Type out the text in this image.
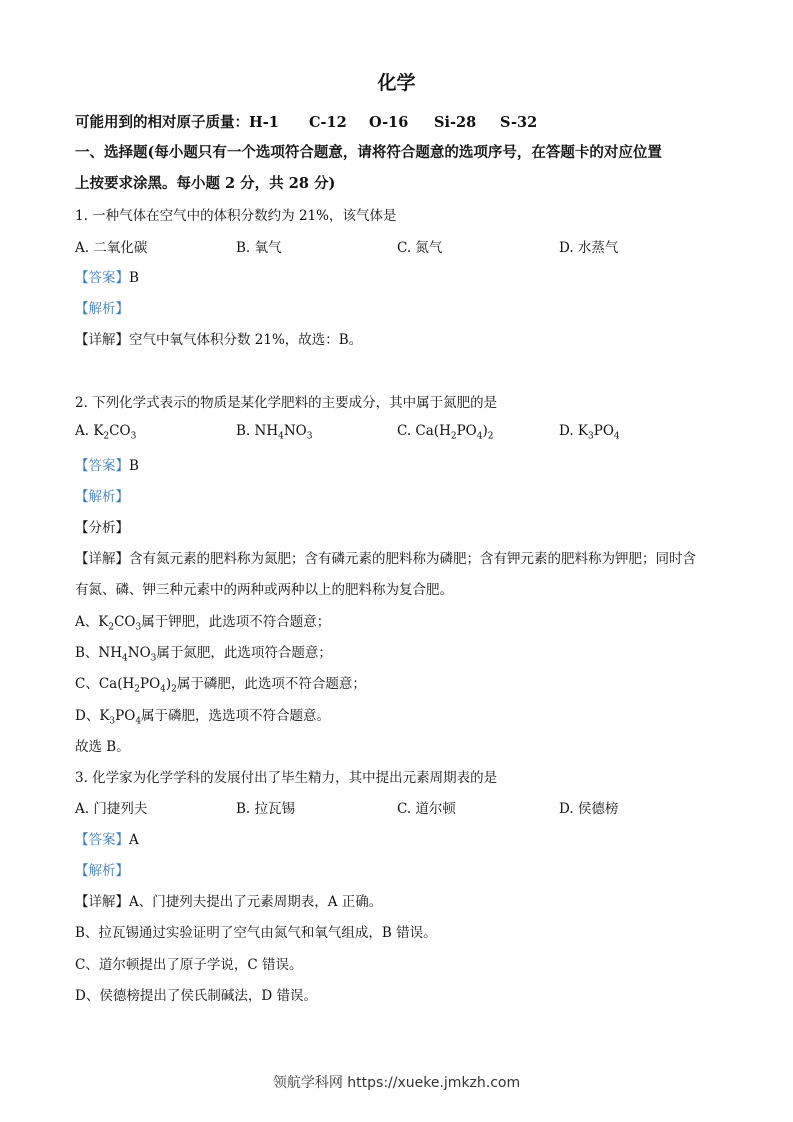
化学
可能用到的相对原子质量：H-1 C-12 O-16 Si-28 S-32
一、选择题(每小题只有一个选项符合题意，请将符合题意的选项序号，在答题卡的对应位置
上按要求涂黑。每小题 2 分，共 28 分)
1. 一种气体在空气中的体积分数约为 21%，该气体是
A. 二氧化碳	B. 氧气	C. 氮气	D. 水蒸气
【答案】B
【解析】
【详解】空气中氧气体积分数 21%，故选：B。
2. 下列化学式表示的物质是某化学肥料的主要成分，其中属于氮肥的是
A. $K_2CO_3$	B. $NH_4NO_3$	C. $Ca(H_2PO_4)_2$	D. $K_3PO_4$
【答案】B
【解析】
【分析】
【详解】含有氮元素的肥料称为氮肥；含有磷元素的肥料称为磷肥；含有钾元素的肥料称为钾肥；同时含
有氮、磷、钾三种元素中的两种或两种以上的肥料称为复合肥。
A、$K_2CO_3$属于钾肥，此选项不符合题意；
B、$NH_4NO_3$属于氮肥，此选项符合题意；
C、$Ca(H_2PO_4)_2$属于磷肥，此选项不符合题意；
D、$K_3PO_4$属于磷肥，选选项不符合题意。
故选 B。
3. 化学家为化学学科的发展付出了毕生精力，其中提出元素周期表的是
A. 门捷列夫	B. 拉瓦锡	C. 道尔顿	D. 侯德榜
【答案】A
【解析】
【详解】A、门捷列夫提出了元素周期表，A 正确。
B、拉瓦锡通过实验证明了空气由氮气和氧气组成，B 错误。
C、道尔顿提出了原子学说，C 错误。
D、侯德榜提出了侯氏制碱法，D 错误。
领航学科网 https://xueke.jmkzh.com
